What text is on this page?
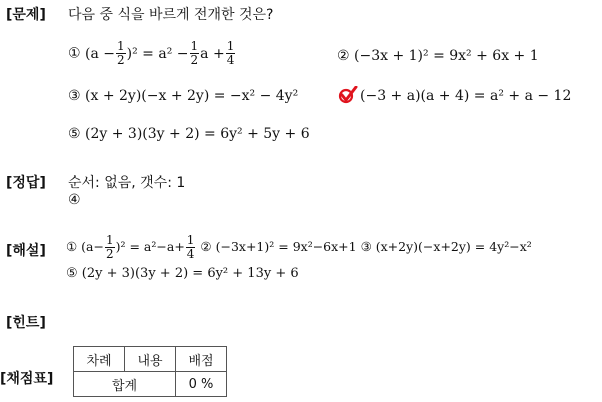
[문제]
[정답]
[해설]
[힌트]
[채점표]
다음 중 식을 바르게 전개한 것은?
① $(a - \frac{1}{2} )^2 = a^2 - \frac{1}{2}$ $a + \frac{1}{4}$	② (−3x + 1)² = 9x² + 6x + 1
③ (x + 2y)(−x + 2y) = −x² − 4y²	(−3 + a)(a + 4) = a² + a − 12
⑤ (2y + 3)(3y + 2) = 6y² + 5y + 6
순서: 없음, 갯수: 1
④
① $(a- \frac{1}{2} )^2 = a^2-a+ \frac{1}{4}$ ② (−3x+1)² = 9x²−6x+1 ③ (x+2y)(−x+2y) = 4y²−x²
⑤ (2y + 3)(3y + 2) = 6y² + 13y + 6
차례	내용	배점
합계		0 %
